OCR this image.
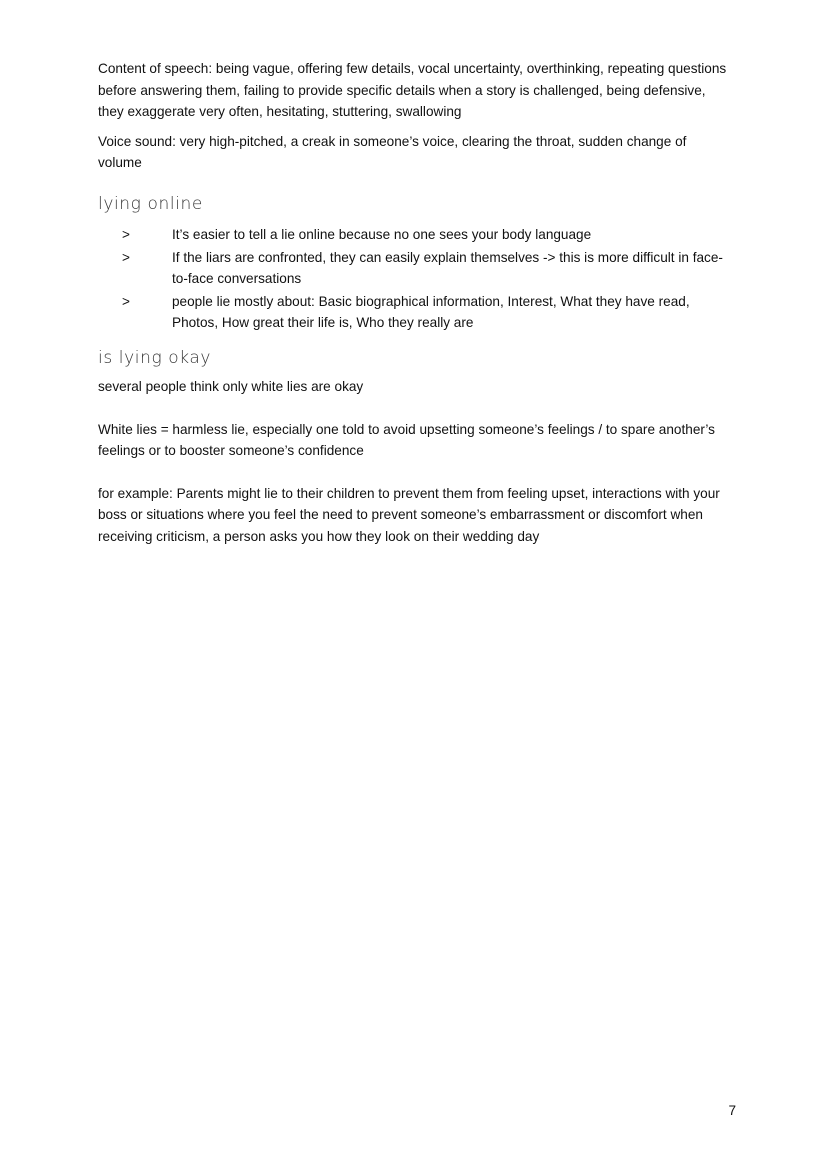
Content of speech: being vague, offering few details, vocal uncertainty, overthinking, repeating questions before answering them, failing to provide specific details when a story is challenged, being defensive, they exaggerate very often, hesitating, stuttering, swallowing

Voice sound: very high-pitched, a creak in someone’s voice, clearing the throat, sudden change of volume

lying online
>	It’s easier to tell a lie online because no one sees your body language
>	If the liars are confronted, they can easily explain themselves -> this is more difficult in face-to-face conversations
>	people lie mostly about: Basic biographical information, Interest, What they have read, Photos, How great their life is, Who they really are
is lying okay

several people think only white lies are okay

White lies = harmless lie, especially one told to avoid upsetting someone’s feelings / to spare another’s feelings or to booster someone’s confidence

for example: Parents might lie to their children to prevent them from feeling upset, interactions with your boss or situations where you feel the need to prevent someone’s embarrassment or discomfort when receiving criticism, a person asks you how they look on their wedding day

7
